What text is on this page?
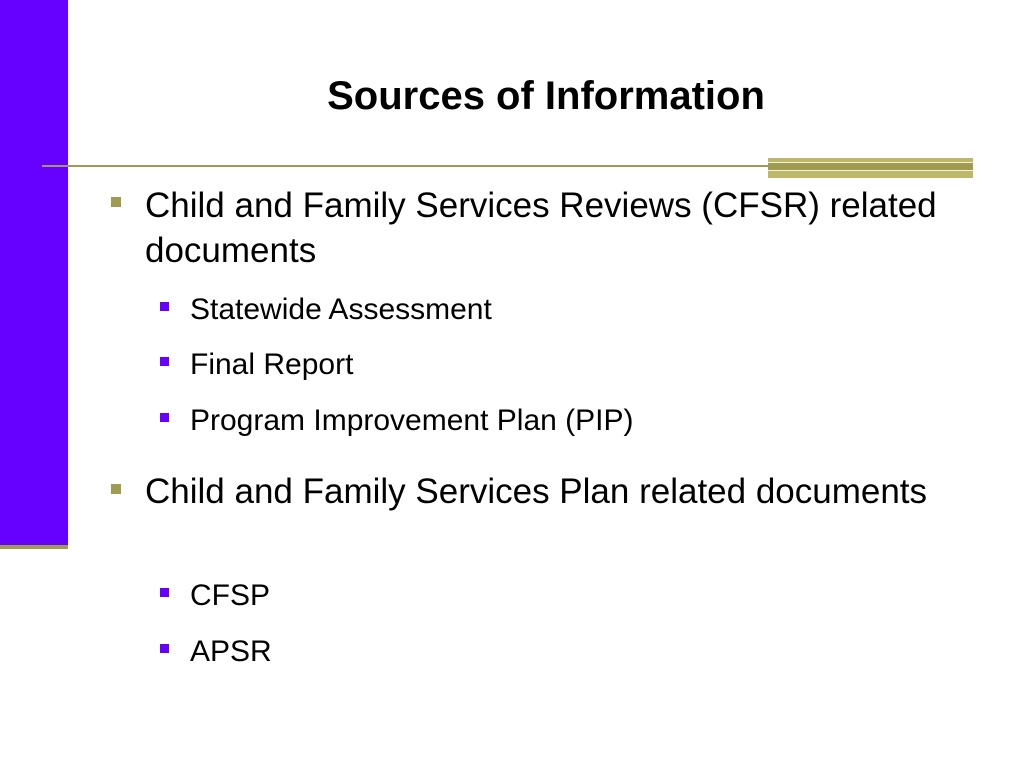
Sources of Information
Child and Family Services Reviews (CFSR) related documents
Statewide Assessment
Final Report
Program Improvement Plan (PIP)
Child and Family Services Plan related documents
CFSP
APSR
